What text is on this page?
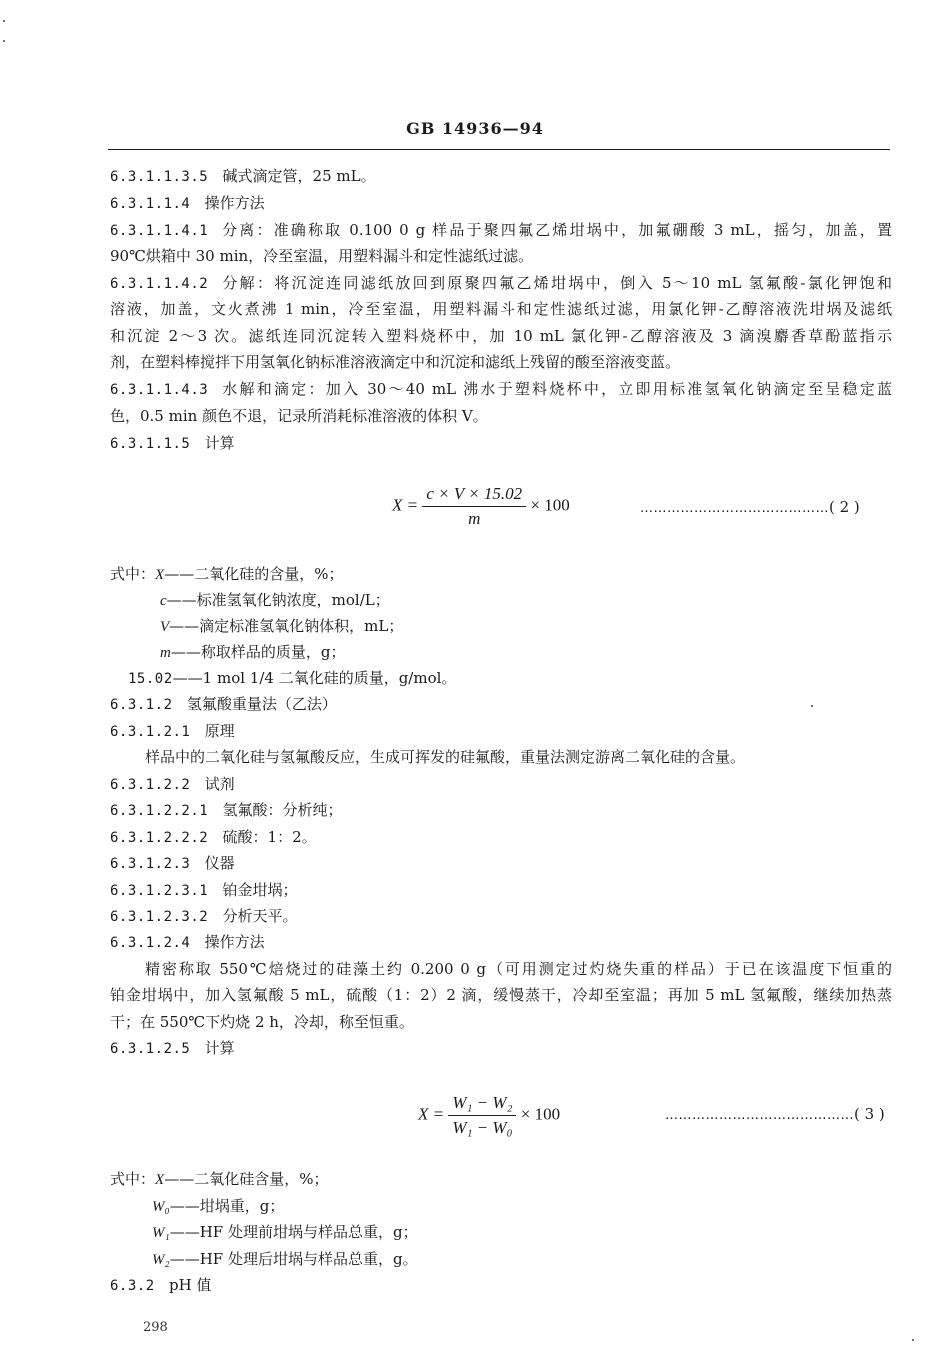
GB 14936—94
6.3.1.1.3.5 碱式滴定管，25 mL。
6.3.1.1.4 操作方法
6.3.1.1.4.1 分离：准确称取 0.100 0 g 样品于聚四氟乙烯坩埚中，加氟硼酸 3 mL，摇匀，加盖，置
90℃烘箱中 30 min，冷至室温，用塑料漏斗和定性滤纸过滤。
6.3.1.1.4.2 分解：将沉淀连同滤纸放回到原聚四氟乙烯坩埚中，倒入 5～10 mL 氢氟酸-氯化钾饱和
溶液，加盖，文火煮沸 1 min，冷至室温，用塑料漏斗和定性滤纸过滤，用氯化钾-乙醇溶液洗坩埚及滤纸
和沉淀 2～3 次。滤纸连同沉淀转入塑料烧杯中，加 10 mL 氯化钾-乙醇溶液及 3 滴溴麝香草酚蓝指示
剂，在塑料棒搅拌下用氢氧化钠标准溶液滴定中和沉淀和滤纸上残留的酸至溶液变蓝。
6.3.1.1.4.3 水解和滴定：加入 30～40 mL 沸水于塑料烧杯中，立即用标准氢氧化钠滴定至呈稳定蓝
色，0.5 min 颜色不退，记录所消耗标准溶液的体积 V。
6.3.1.1.5 计算
$X = \frac{c \times V \times 15.02}{m} \times 100$	……………………………………( 2 )
式中：X——二氧化硅的含量，%；
c——标准氢氧化钠浓度，mol/L；
V——滴定标准氢氧化钠体积，mL；
m——称取样品的质量，g；
15.02——1 mol 1/4 二氧化硅的质量，g/mol。
6.3.1.2 氢氟酸重量法（乙法）
6.3.1.2.1 原理
样品中的二氧化硅与氢氟酸反应，生成可挥发的硅氟酸，重量法测定游离二氧化硅的含量。
6.3.1.2.2 试剂
6.3.1.2.2.1 氢氟酸：分析纯；
6.3.1.2.2.2 硫酸：1：2。
6.3.1.2.3 仪器
6.3.1.2.3.1 铂金坩埚；
6.3.1.2.3.2 分析天平。
6.3.1.2.4 操作方法
精密称取 550℃焙烧过的硅藻土约 0.200 0 g（可用测定过灼烧失重的样品）于已在该温度下恒重的
铂金坩埚中，加入氢氟酸 5 mL，硫酸（1：2）2 滴，缓慢蒸干，冷却至室温；再加 5 mL 氢氟酸，继续加热蒸
干；在 550℃下灼烧 2 h，冷却，称至恒重。
6.3.1.2.5 计算
$X = \frac{\text{W₁ − W₂}}{\text{W₁ − W₀}} \times 100$	……………………………………( 3 )
式中：X——二氧化硅含量，%；
W₀——坩埚重，g；
W₁——HF 处理前坩埚与样品总重，g；
W₂——HF 处理后坩埚与样品总重，g。
6.3.2 pH 值
298
